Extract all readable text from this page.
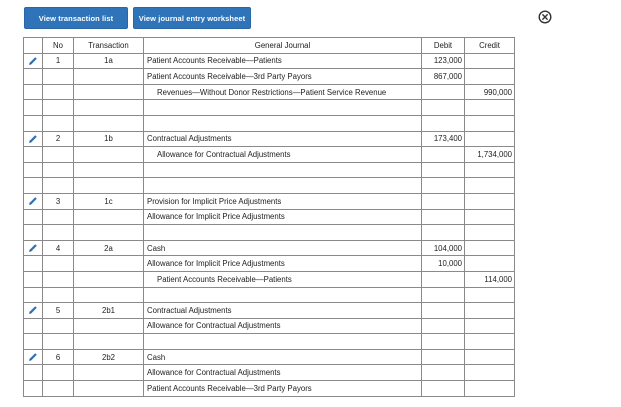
View transaction list	View journal entry worksheet
	No	Transaction	General Journal	Debit	Credit
	1	1a	Patient Accounts Receivable—Patients	123,000	
			Patient Accounts Receivable—3rd Party Payors	867,000	
			Revenues—Without Donor Restrictions—Patient Service Revenue		990,000

	2	1b	Contractual Adjustments	173,400	
			Allowance for Contractual Adjustments		1,734,000

	3	1c	Provision for Implicit Price Adjustments		
			Allowance for Implicit Price Adjustments		

	4	2a	Cash	104,000	
			Allowance for Implicit Price Adjustments	10,000	
			Patient Accounts Receivable—Patients		114,000

	5	2b1	Contractual Adjustments		
			Allowance for Contractual Adjustments		

	6	2b2	Cash		
			Allowance for Contractual Adjustments		
			Patient Accounts Receivable—3rd Party Payors		
